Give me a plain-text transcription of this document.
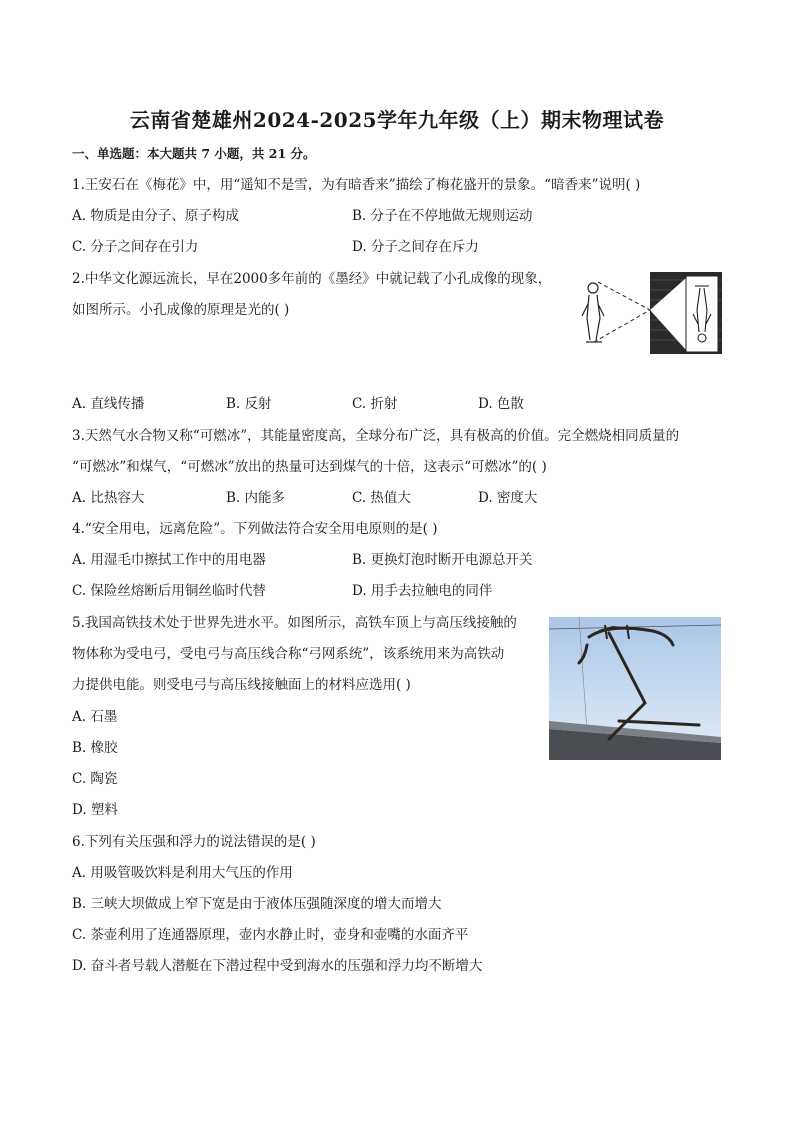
云南省楚雄州2024-2025学年九年级（上）期末物理试卷
一、单选题：本大题共 7 小题，共 21 分。
1.王安石在《梅花》中，用“遥知不是雪，为有暗香来”描绘了梅花盛开的景象。“暗香来”说明( )
A. 物质是由分子、原子构成	B. 分子在不停地做无规则运动
C. 分子之间存在引力	D. 分子之间存在斥力
2.中华文化源远流长，早在2000多年前的《墨经》中就记载了小孔成像的现象，
如图所示。小孔成像的原理是光的( )
A. 直线传播	B. 反射	C. 折射	D. 色散
3.天然气水合物又称“可燃冰”，其能量密度高，全球分布广泛，具有极高的价值。完全燃烧相同质量的
“可燃冰”和煤气，“可燃冰”放出的热量可达到煤气的十倍，这表示“可燃冰”的( )
A. 比热容大	B. 内能多	C. 热值大	D. 密度大
4.“安全用电，远离危险”。下列做法符合安全用电原则的是( )
A. 用湿毛巾擦拭工作中的用电器	B. 更换灯泡时断开电源总开关
C. 保险丝熔断后用铜丝临时代替	D. 用手去拉触电的同伴
5.我国高铁技术处于世界先进水平。如图所示，高铁车顶上与高压线接触的
物体称为受电弓，受电弓与高压线合称“弓网系统”，该系统用来为高铁动
力提供电能。则受电弓与高压线接触面上的材料应选用( )
A. 石墨
B. 橡胶
C. 陶瓷
D. 塑料
6.下列有关压强和浮力的说法错误的是( )
A. 用吸管吸饮料是利用大气压的作用
B. 三峡大坝做成上窄下宽是由于液体压强随深度的增大而增大
C. 茶壶利用了连通器原理，壶内水静止时，壶身和壶嘴的水面齐平
D. 奋斗者号载人潜艇在下潜过程中受到海水的压强和浮力均不断增大
